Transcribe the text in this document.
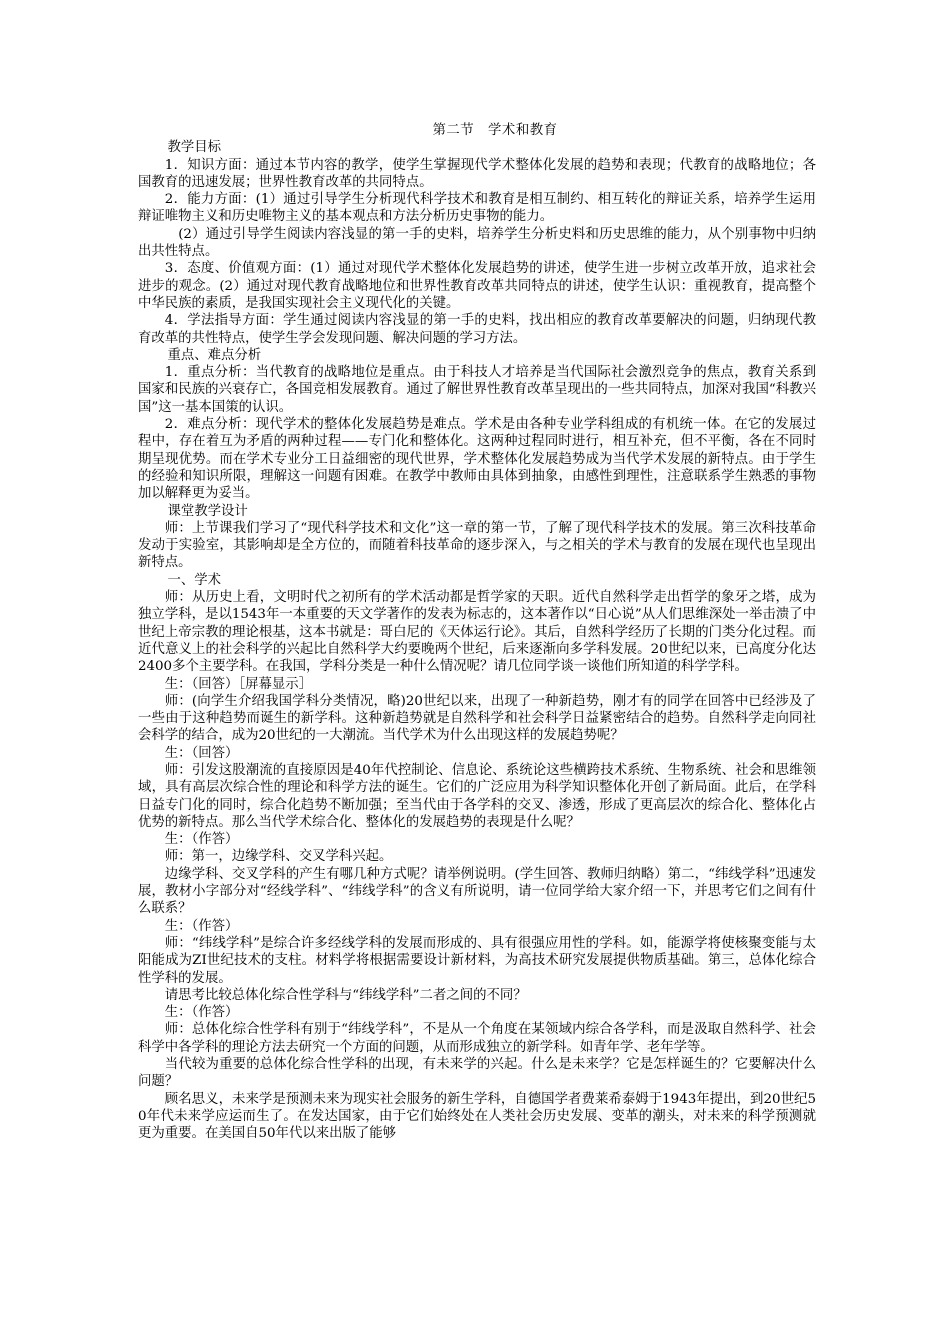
第二节　学术和教育

教学目标

1．知识方面：通过本节内容的教学，使学生掌握现代学术整体化发展的趋势和表现；代教育的战略地位；各国教育的迅速发展；世界性教育改革的共同特点。

2．能力方面：(1）通过引导学生分析现代科学技术和教育是相互制约、相互转化的辩证关系，培养学生运用辩证唯物主义和历史唯物主义的基本观点和方法分析历史事物的能力。

(2）通过引导学生阅读内容浅显的第一手的史料，培养学生分析史料和历史思维的能力，从个别事物中归纳出共性特点。

3．态度、价值观方面：(1）通过对现代学术整体化发展趋势的讲述，使学生进一步树立改革开放，追求社会进步的观念。(2）通过对现代教育战略地位和世界性教育改革共同特点的讲述，使学生认识：重视教育，提高整个中华民族的素质，是我国实现社会主义现代化的关键。

4．学法指导方面：学生通过阅读内容浅显的第一手的史料，找出相应的教育改革要解决的问题，归纳现代教育改革的共性特点，使学生学会发现问题、解决问题的学习方法。

重点、难点分析

1．重点分析：当代教育的战略地位是重点。由于科技人才培养是当代国际社会激烈竞争的焦点，教育关系到国家和民族的兴衰存亡，各国竞相发展教育。通过了解世界性教育改革呈现出的一些共同特点，加深对我国“科教兴国”这一基本国策的认识。

2．难点分析：现代学术的整体化发展趋势是难点。学术是由各种专业学科组成的有机统一体。在它的发展过程中，存在着互为矛盾的两种过程——专门化和整体化。这两种过程同时进行，相互补充，但不平衡，各在不同时期呈现优势。而在学术专业分工日益细密的现代世界，学术整体化发展趋势成为当代学术发展的新特点。由于学生的经验和知识所限，理解这一问题有困难。在教学中教师由具体到抽象，由感性到理性，注意联系学生熟悉的事物加以解释更为妥当。

课堂教学设计

师：上节课我们学习了“现代科学技术和文化”这一章的第一节，了解了现代科学技术的发展。第三次科技革命发动于实验室，其影响却是全方位的，而随着科技革命的逐步深入，与之相关的学术与教育的发展在现代也呈现出新特点。

一、学术

师：从历史上看，文明时代之初所有的学术活动都是哲学家的天职。近代自然科学走出哲学的象牙之塔，成为独立学科，是以1543年一本重要的天文学著作的发表为标志的，这本著作以“日心说”从人们思维深处一举击溃了中世纪上帝宗教的理论根基，这本书就是：哥白尼的《天体运行论》。其后，自然科学经历了长期的门类分化过程。而近代意义上的社会科学的兴起比自然科学大约要晚两个世纪，后来逐渐向多学科发展。20世纪以来，已高度分化达2400多个主要学科。在我国，学科分类是一种什么情况呢？请几位同学谈一谈他们所知道的科学学科。

生：（回答）［屏幕显示］

师：(向学生介绍我国学科分类情况，略)20世纪以来，出现了一种新趋势，刚才有的同学在回答中已经涉及了一些由于这种趋势而诞生的新学科。这种新趋势就是自然科学和社会科学日益紧密结合的趋势。自然科学走向同社会科学的结合，成为20世纪的一大潮流。当代学术为什么出现这样的发展趋势呢？

生：（回答）

师：引发这股潮流的直接原因是40年代控制论、信息论、系统论这些横跨技术系统、生物系统、社会和思维领域，具有高层次综合性的理论和科学方法的诞生。它们的广泛应用为科学知识整体化开创了新局面。此后，在学科日益专门化的同时，综合化趋势不断加强；至当代由于各学科的交叉、渗透，形成了更高层次的综合化、整体化占优势的新特点。那么当代学术综合化、整体化的发展趋势的表现是什么呢？

生：（作答）

师：第一，边缘学科、交叉学科兴起。

边缘学科、交叉学科的产生有哪几种方式呢？请举例说明。(学生回答、教师归纳略）第二，“纬线学科”迅速发展，教材小字部分对“经线学科”、“纬线学科”的含义有所说明，请一位同学给大家介绍一下，并思考它们之间有什么联系？

生：（作答）

师：“纬线学科”是综合许多经线学科的发展而形成的、具有很强应用性的学科。如，能源学将使核聚变能与太阳能成为ZI世纪技术的支柱。材料学将根据需要设计新材料，为高技术研究发展提供物质基础。第三，总体化综合性学科的发展。

请思考比较总体化综合性学科与“纬线学科”二者之间的不同？

生：（作答）

师：总体化综合性学科有别于“纬线学科”，不是从一个角度在某领域内综合各学科，而是汲取自然科学、社会科学中各学科的理论方法去研究一个方面的问题，从而形成独立的新学科。如青年学、老年学等。

当代较为重要的总体化综合性学科的出现，有未来学的兴起。什么是未来学？它是怎样诞生的？它要解决什么问题？

顾名思义，未来学是预测未来为现实社会服务的新生学科，自德国学者费莱希泰姆于1943年提出，到20世纪50年代未来学应运而生了。在发达国家，由于它们始终处在人类社会历史发展、变革的潮头，对未来的科学预测就更为重要。在美国自50年代以来出版了能够
